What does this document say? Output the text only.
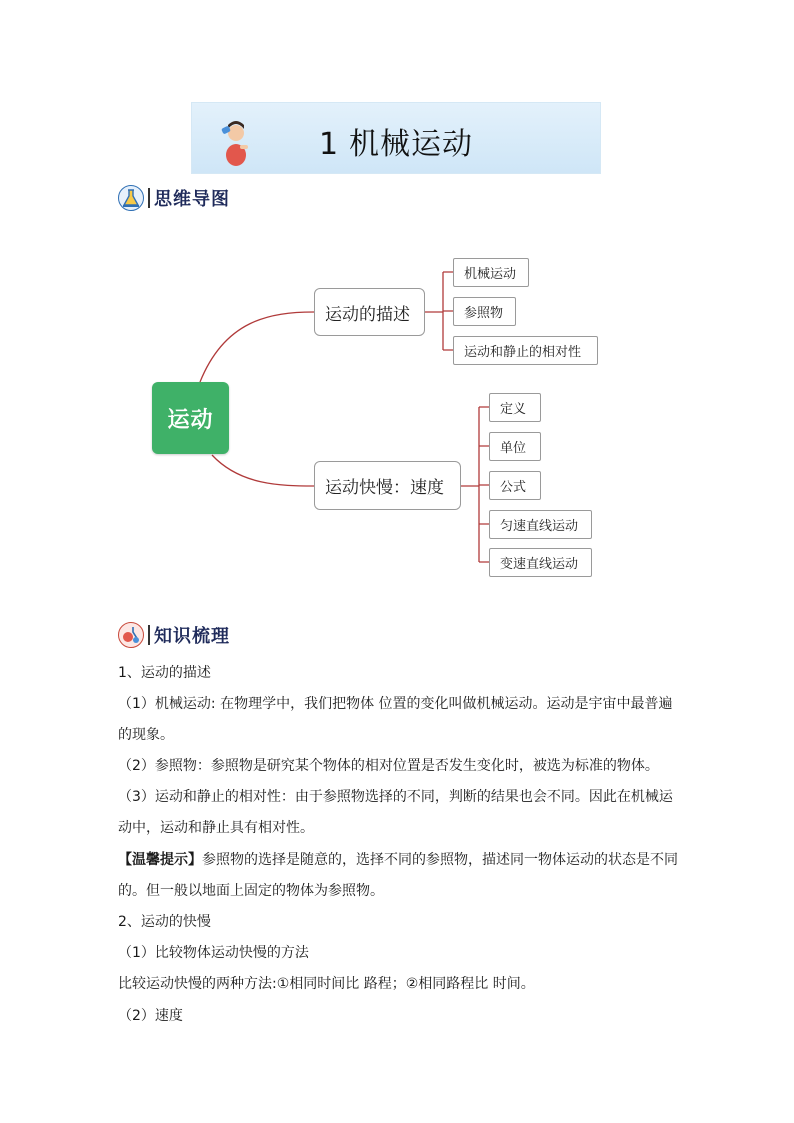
1 机械运动
思维导图
运动
运动的描述
机械运动
参照物
运动和静止的相对性
运动快慢：速度
定义
单位
公式
匀速直线运动
变速直线运动
知识梳理
1、运动的描述
（1）机械运动: 在物理学中，我们把物体 位置的变化叫做机械运动。运动是宇宙中最普遍
的现象。
（2）参照物：参照物是研究某个物体的相对位置是否发生变化时，被选为标准的物体。
（3）运动和静止的相对性：由于参照物选择的不同，判断的结果也会不同。因此在机械运
动中，运动和静止具有相对性。
【温馨提示】参照物的选择是随意的，选择不同的参照物，描述同一物体运动的状态是不同
的。但一般以地面上固定的物体为参照物。
2、运动的快慢
（1）比较物体运动快慢的方法
比较运动快慢的两种方法:①相同时间比 路程；②相同路程比 时间。
（2）速度
